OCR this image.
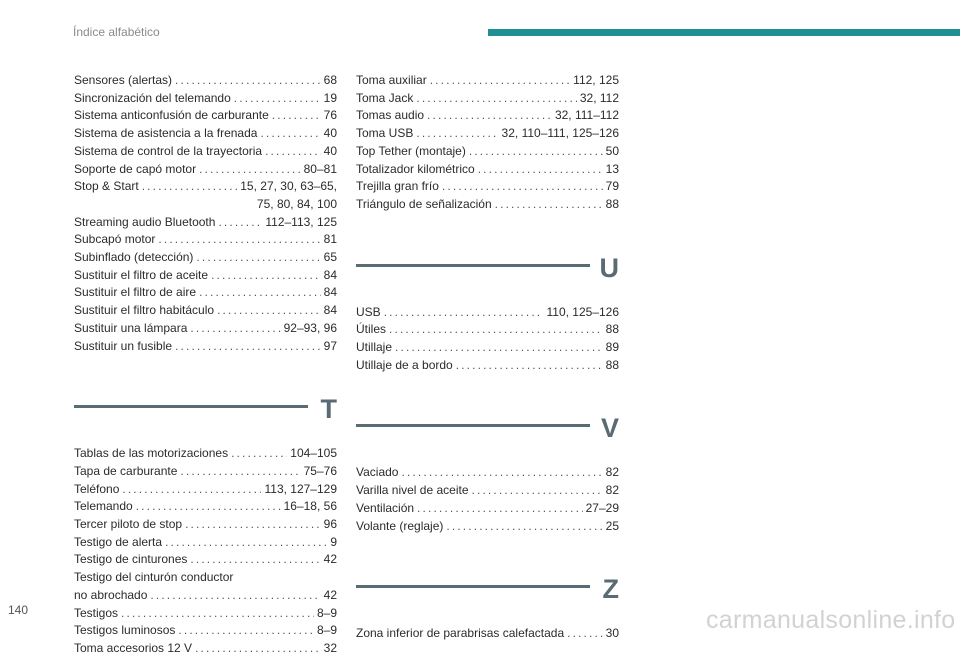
Índice alfabético
Sensores (alertas) . . .	68
Sincronización del telemando . . .	19
Sistema anticonfusión de carburante . . .	76
Sistema de asistencia a la frenada . . .	40
Sistema de control de la trayectoria . . .	40
Soporte de capó motor . . .	80–81
Stop & Start . . .	15, 27, 30, 63–65,
75, 80, 84, 100
Streaming audio Bluetooth . . .	112–113, 125
Subcapó motor . . .	81
Subinflado (detección) . . .	65
Sustituir el filtro de aceite . . .	84
Sustituir el filtro de aire . . .	84
Sustituir el filtro habitáculo . . .	84
Sustituir una lámpara . . .	92–93, 96
Sustituir un fusible . . .	97
T
Tablas de las motorizaciones . . .	104–105
Tapa de carburante . . .	75–76
Teléfono . . .	113, 127–129
Telemando . . .	16–18, 56
Tercer piloto de stop . . .	96
Testigo de alerta . . .	9
Testigo de cinturones . . .	42
Testigo del cinturón conductor
no abrochado . . .	42
Testigos . . .	8–9
Testigos luminosos . . .	8–9
Toma accesorios 12 V . . .	32
Toma auxiliar . . .	112, 125
Toma Jack . . .	32, 112
Tomas audio . . .	32, 111–112
Toma USB . . .	32, 110–111, 125–126
Top Tether (montaje) . . .	50
Totalizador kilométrico . . .	13
Trejilla gran frío . . .	79
Triángulo de señalización . . .	88
U
USB . . .	110, 125–126
Útiles . . .	88
Utillaje . . .	89
Utillaje de a bordo . . .	88
V
Vaciado . . .	82
Varilla nivel de aceite . . .	82
Ventilación . . .	27–29
Volante (reglaje) . . .	25
Z
Zona inferior de parabrisas calefactada . . .	30
140	carmanualsonline.info
